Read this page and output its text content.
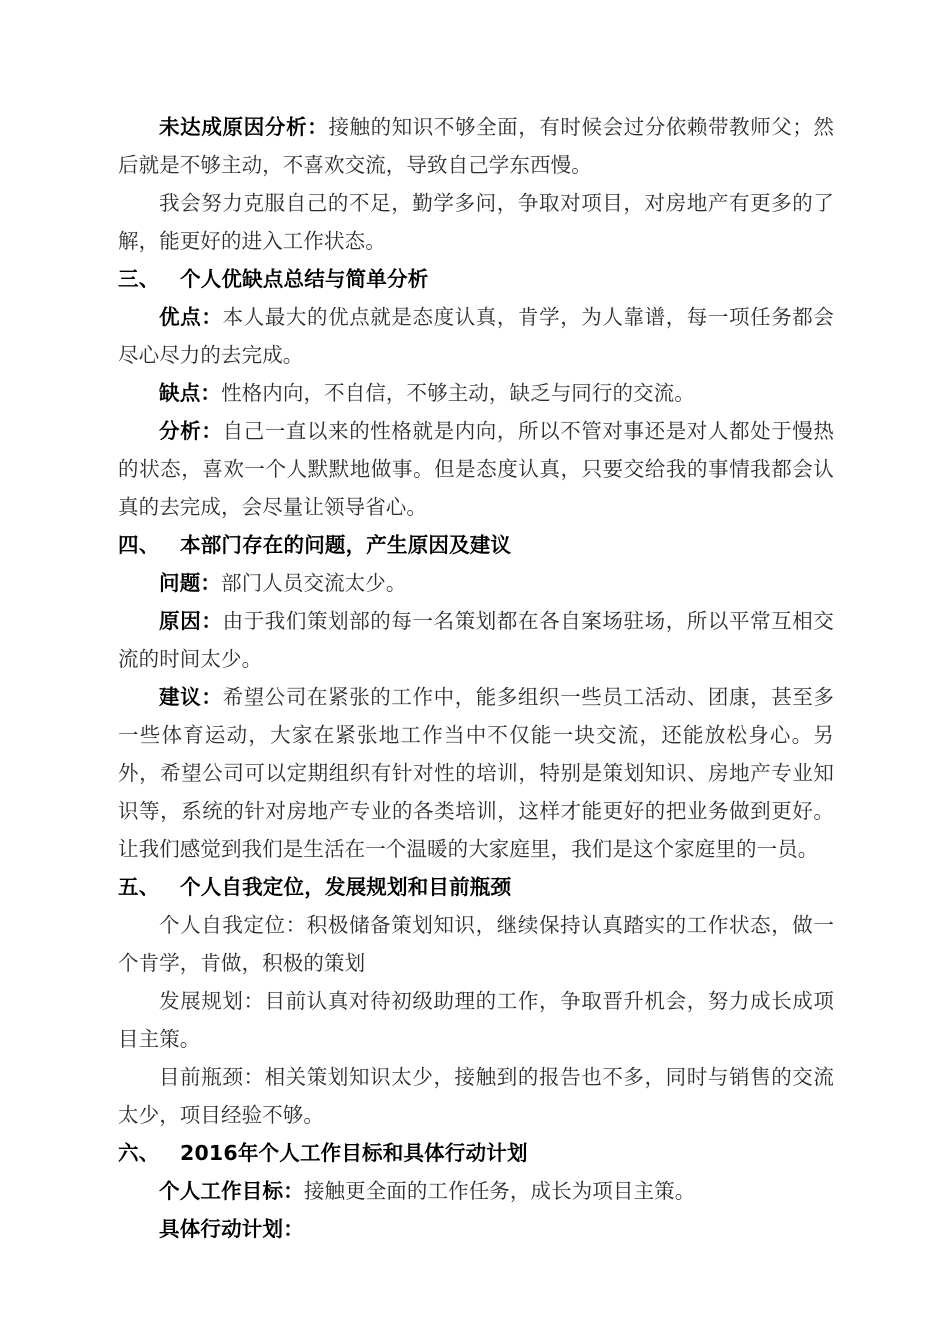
未达成原因分析：接触的知识不够全面，有时候会过分依赖带教师父；然后就是不够主动，不喜欢交流，导致自己学东西慢。

我会努力克服自己的不足，勤学多问，争取对项目，对房地产有更多的了解，能更好的进入工作状态。

三、 个人优缺点总结与简单分析

优点：本人最大的优点就是态度认真，肯学，为人靠谱，每一项任务都会尽心尽力的去完成。

缺点：性格内向，不自信，不够主动，缺乏与同行的交流。

分析：自己一直以来的性格就是内向，所以不管对事还是对人都处于慢热的状态，喜欢一个人默默地做事。但是态度认真，只要交给我的事情我都会认真的去完成，会尽量让领导省心。

四、 本部门存在的问题，产生原因及建议

问题：部门人员交流太少。

原因：由于我们策划部的每一名策划都在各自案场驻场，所以平常互相交流的时间太少。

建议：希望公司在紧张的工作中，能多组织一些员工活动、团康，甚至多一些体育运动，大家在紧张地工作当中不仅能一块交流，还能放松身心。另外，希望公司可以定期组织有针对性的培训，特别是策划知识、房地产专业知识等，系统的针对房地产专业的各类培训，这样才能更好的把业务做到更好。让我们感觉到我们是生活在一个温暖的大家庭里，我们是这个家庭里的一员。

五、 个人自我定位，发展规划和目前瓶颈

个人自我定位：积极储备策划知识，继续保持认真踏实的工作状态，做一个肯学，肯做，积极的策划

发展规划：目前认真对待初级助理的工作，争取晋升机会，努力成长成项目主策。

目前瓶颈：相关策划知识太少，接触到的报告也不多，同时与销售的交流太少，项目经验不够。

六、 2016年个人工作目标和具体行动计划

个人工作目标：接触更全面的工作任务，成长为项目主策。

具体行动计划：
